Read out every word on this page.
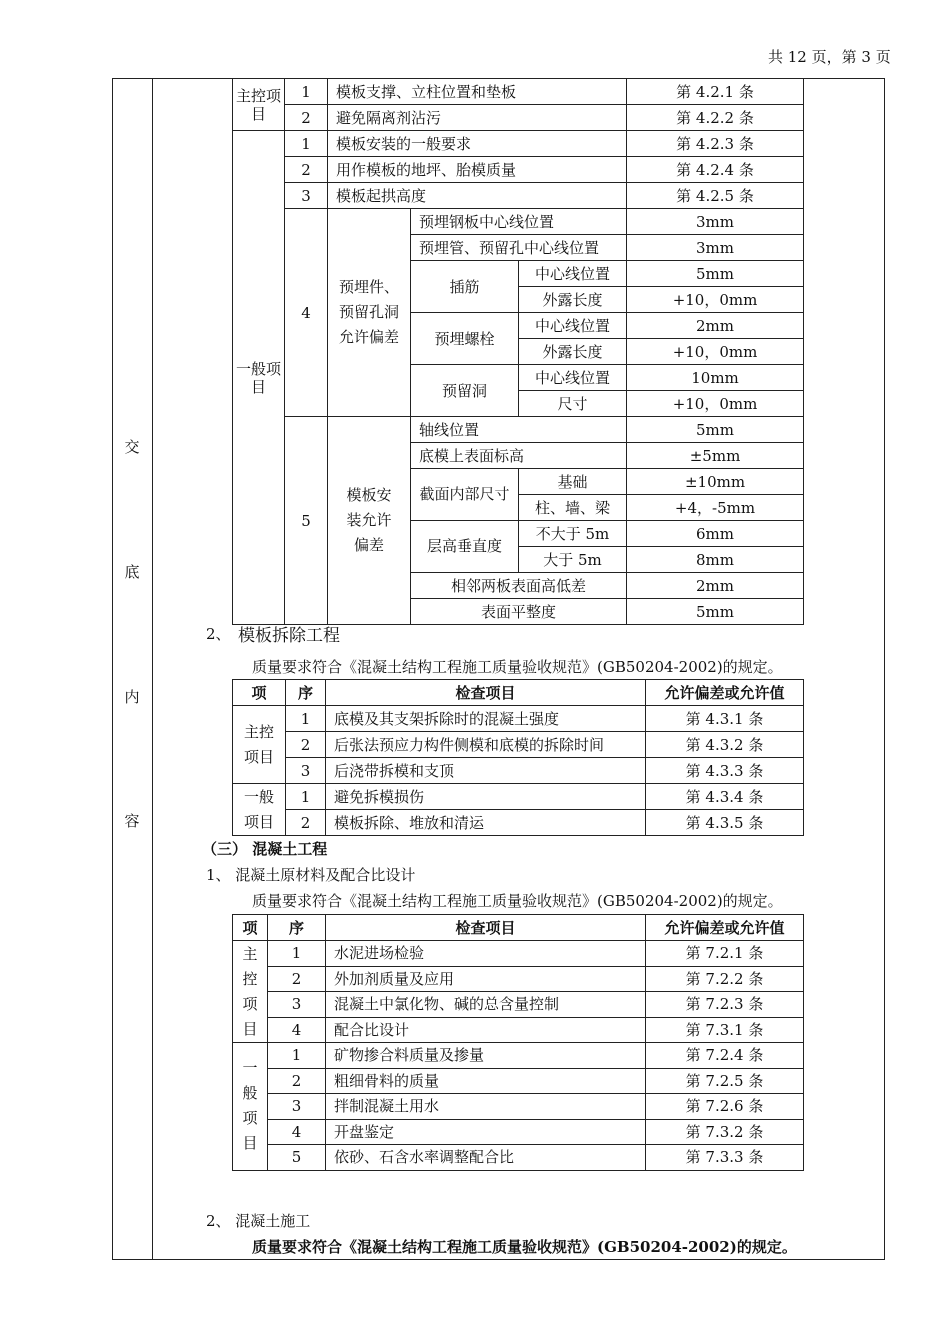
共 12 页，第 3 页
交
底
内
容
主控项目	1	模板支撑、立柱位置和垫板			第 4.2.1 条
	2	避免隔离剂沾污			第 4.2.2 条
一般项目	1	模板安装的一般要求			第 4.2.3 条
	2	用作模板的地坪、胎模质量			第 4.2.4 条
	3	模板起拱高度			第 4.2.5 条
	4	预埋件、预留孔洞允许偏差	预埋钢板中心线位置		3mm
			预埋管、预留孔中心线位置		3mm
			插筋	中心线位置	5mm
				外露长度	+10，0mm
			预埋螺栓	中心线位置	2mm
				外露长度	+10，0mm
			预留洞	中心线位置	10mm
				尺寸	+10，0mm
	5	模板安装允许偏差	轴线位置		5mm
			底模上表面标高		±5mm
			截面内部尺寸	基础	±10mm
				柱、墙、梁	+4，-5mm
			层高垂直度	不大于 5m	6mm
				大于 5m	8mm
			相邻两板表面高低差		2mm
			表面平整度		5mm
2、 模板拆除工程
质量要求符合《混凝土结构工程施工质量验收规范》(GB50204-2002)的规定。
项	序	检查项目	允许偏差或允许值
主控项目	1	底模及其支架拆除时的混凝土强度	第 4.3.1 条
	2	后张法预应力构件侧模和底模的拆除时间	第 4.3.2 条
	3	后浇带拆模和支顶	第 4.3.3 条
一般项目	1	避免拆模损伤	第 4.3.4 条
	2	模板拆除、堆放和清运	第 4.3.5 条
（三） 混凝土工程
1、 混凝土原材料及配合比设计
质量要求符合《混凝土结构工程施工质量验收规范》(GB50204-2002)的规定。
项	序	检查项目	允许偏差或允许值

主
控
项
目	1	水泥进场检验	第 7.2.1 条
	2	外加剂质量及应用	第 7.2.2 条
	3	混凝土中氯化物、碱的总含量控制	第 7.2.3 条
	4	配合比设计	第 7.3.1 条

一
般
项
目	1	矿物掺合料质量及掺量	第 7.2.4 条
	2	粗细骨料的质量	第 7.2.5 条
	3	拌制混凝土用水	第 7.2.6 条
	4	开盘鉴定	第 7.3.2 条
	5	依砂、石含水率调整配合比	第 7.3.3 条
2、 混凝土施工
质量要求符合《混凝土结构工程施工质量验收规范》(GB50204-2002)的规定。
